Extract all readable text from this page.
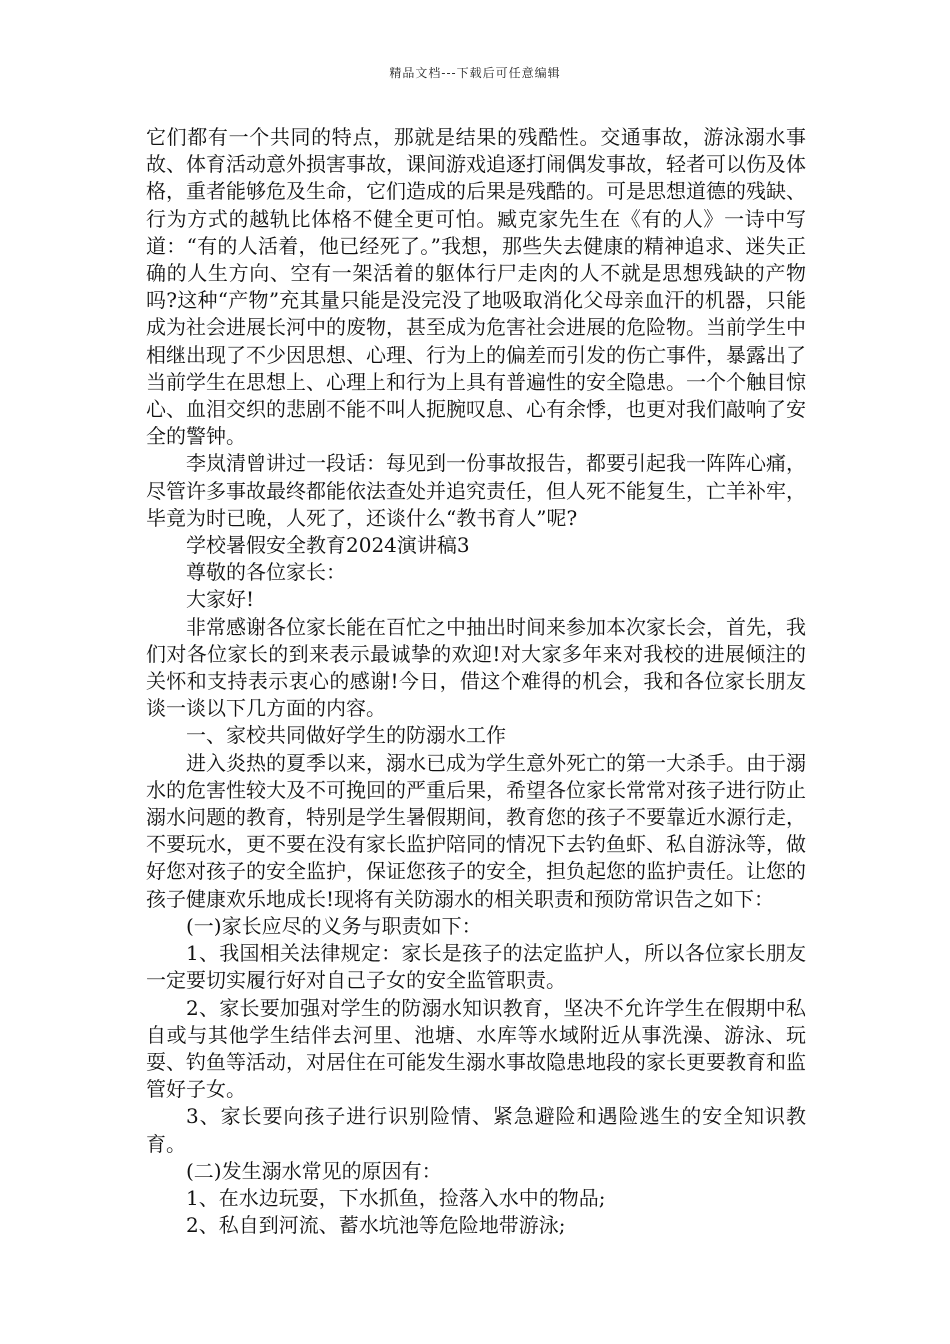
精品文档---下载后可任意编辑

它们都有一个共同的特点，那就是结果的残酷性。交通事故，游泳溺水事故、体育活动意外损害事故，课间游戏追逐打闹偶发事故，轻者可以伤及体格，重者能够危及生命，它们造成的后果是残酷的。可是思想道德的残缺、行为方式的越轨比体格不健全更可怕。臧克家先生在《有的人》一诗中写道：“有的人活着，他已经死了。”我想，那些失去健康的精神追求、迷失正确的人生方向、空有一架活着的躯体行尸走肉的人不就是思想残缺的产物吗?这种“产物”充其量只能是没完没了地吸取消化父母亲血汗的机器，只能成为社会进展长河中的废物，甚至成为危害社会进展的危险物。当前学生中相继出现了不少因思想、心理、行为上的偏差而引发的伤亡事件，暴露出了当前学生在思想上、心理上和行为上具有普遍性的安全隐患。一个个触目惊心、血泪交织的悲剧不能不叫人扼腕叹息、心有余悸，也更对我们敲响了安全的警钟。

李岚清曾讲过一段话：每见到一份事故报告，都要引起我一阵阵心痛，尽管许多事故最终都能依法查处并追究责任，但人死不能复生，亡羊补牢，毕竟为时已晚，人死了，还谈什么“教书育人”呢?

学校暑假安全教育2024演讲稿3

尊敬的各位家长：

大家好!

非常感谢各位家长能在百忙之中抽出时间来参加本次家长会，首先，我们对各位家长的到来表示最诚挚的欢迎!对大家多年来对我校的进展倾注的关怀和支持表示衷心的感谢!今日，借这个难得的机会，我和各位家长朋友谈一谈以下几方面的内容。

一、家校共同做好学生的防溺水工作

进入炎热的夏季以来，溺水已成为学生意外死亡的第一大杀手。由于溺水的危害性较大及不可挽回的严重后果，希望各位家长常常对孩子进行防止溺水问题的教育，特别是学生暑假期间，教育您的孩子不要靠近水源行走，不要玩水，更不要在没有家长监护陪同的情况下去钓鱼虾、私自游泳等，做好您对孩子的安全监护，保证您孩子的安全，担负起您的监护责任。让您的孩子健康欢乐地成长!现将有关防溺水的相关职责和预防常识告之如下：

(一)家长应尽的义务与职责如下：

1、我国相关法律规定：家长是孩子的法定监护人，所以各位家长朋友一定要切实履行好对自己子女的安全监管职责。

2、家长要加强对学生的防溺水知识教育，坚决不允许学生在假期中私自或与其他学生结伴去河里、池塘、水库等水域附近从事洗澡、游泳、玩耍、钓鱼等活动，对居住在可能发生溺水事故隐患地段的家长更要教育和监管好子女。

3、家长要向孩子进行识别险情、紧急避险和遇险逃生的安全知识教育。

(二)发生溺水常见的原因有：

1、在水边玩耍，下水抓鱼，捡落入水中的物品;

2、私自到河流、蓄水坑池等危险地带游泳;
